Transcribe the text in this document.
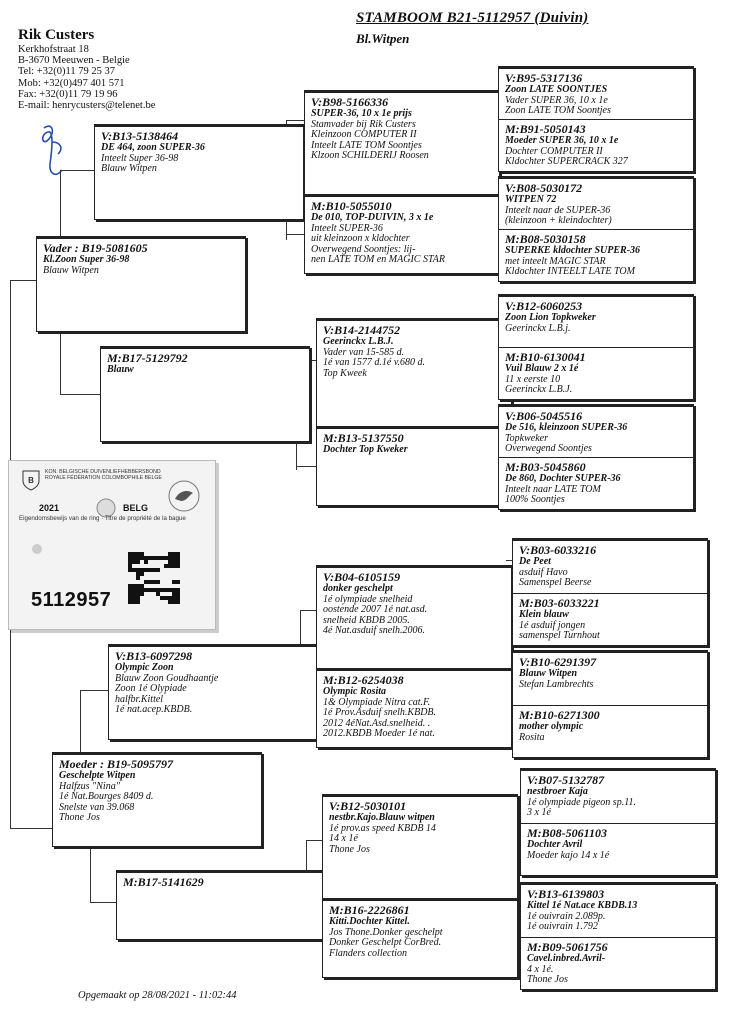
Rik Custers
Kerkhofstraat 18
B-3670 Meeuwen - Belgie
Tel: +32(0)11 79 25 37
Mob: +32(0)497 401 571
Fax: +32(0)11 79 19 96
E-mail: henrycusters@telenet.be
STAMBOOM B21-5112957 (Duivin)
Bl.Witpen
Vader : B19-5081605
Kl.Zoon Super 36-98
Blauw Witpen
Moeder : B19-5095797
Geschelpte Witpen
Halfzus "Nina"
1é Nat.Bourges 8409 d.
Snelste van 39.068
Thone Jos
V:B13-5138464
DE 464, zoon SUPER-36
Inteelt Super 36-98
Blauw Witpen
M:B17-5129792
Blauw
V:B13-6097298
Olympic Zoon
Blauw Zoon Goudhaantje
Zoon 1é Olypiade
halfbr.Kittel
1é nat.acep.KBDB.
M:B17-5141629
V:B98-5166336
SUPER-36, 10 x 1e prijs
Stamvader bij Rik Custers
Kleinzoon COMPUTER II
Inteelt LATE TOM Soontjes
Klzoon SCHILDERIJ Roosen
M:B10-5055010
De 010, TOP-DUIVIN, 3 x 1e
Inteelt SUPER-36
uit kleinzoon x kldochter
Overwegend Soontjes: lij-
nen LATE TOM en MAGIC STAR
V:B14-2144752
Geerinckx L.B.J.
Vader van 15-585 d.
1é van 1577 d.1é v.680 d.
Top Kweek
M:B13-5137550
Dochter Top Kweker
V:B04-6105159
donker geschelpt
1é olympiade snelheid
oostende 2007 1é nat.asd.
snelheid KBDB 2005.
4é Nat.asduif snelh.2006.
M:B12-6254038
Olympic Rosita
1& Olympiade Nitra cat.F.
1é Prov.Asduif snelh.KBDB.
2012 4éNat.Asd.snelheid. .
2012.KBDB Moeder 1é nat.
V:B12-5030101
nestbr.Kajo.Blauw witpen
1é prov.as speed KBDB 14
14 x 1é
Thone Jos
M:B16-2226861
Kitti.Dochter Kittel.
Jos Thone.Donker geschelpt
Donker Geschelpt CorBred.
Flanders collection
V:B95-5317136
Zoon LATE SOONTJES
Vader SUPER 36, 10 x 1e
Zoon LATE TOM Soontjes
M:B91-5050143
Moeder SUPER 36, 10 x 1e
Dochter COMPUTER II
Kldochter SUPERCRACK 327
V:B08-5030172
WITPEN 72
Inteelt naar de SUPER-36
(kleinzoon + kleindochter)
M:B08-5030158
SUPERKE kldochter SUPER-36
met inteelt MAGIC STAR
Kldochter INTEELT LATE TOM
V:B12-6060253
Zoon Lion Topkweker
Geerinckx L.B.j.
M:B10-6130041
Vuil Blauw 2 x 1é
11 x eerste 10
Geerinckx L.B.J.
V:B06-5045516
De 516, kleinzoon SUPER-36
Topkweker
Overwegend Soontjes
M:B03-5045860
De 860, Dochter SUPER-36
Inteelt naar LATE TOM
100% Soontjes
V:B03-6033216
De Peet
asduif Havo
Samenspel Beerse
M:B03-6033221
Klein blauw
1é asduif jongen
samenspel Turnhout
V:B10-6291397
Blauw Witpen
Stefan Lambrechts
M:B10-6271300
mother olympic
Rosita
V:B07-5132787
nestbroer Kaja
1é olympiade pigeon sp.11.
3 x 1é
M:B08-5061103
Dochter Avril
Moeder kajo 14 x 1é
V:B13-6139803
Kittel 1é Nat.ace KBDB.13
1é ouivrain 2.089p.
1é ouivrain 1.792
M:B09-5061756
Cavel.inbred.Avril-
4 x 1é.
Thone Jos
B
KON. BELGISCHE DUIVENLIEFHEBBERSBOND
ROYALE FÉDÉRATION COLOMBOPHILE BELGE
2021	BELG
Eigendomsbewijs van de ring · Titre de propriété de la bague
5112957
Opgemaakt op 28/08/2021 - 11:02:44
